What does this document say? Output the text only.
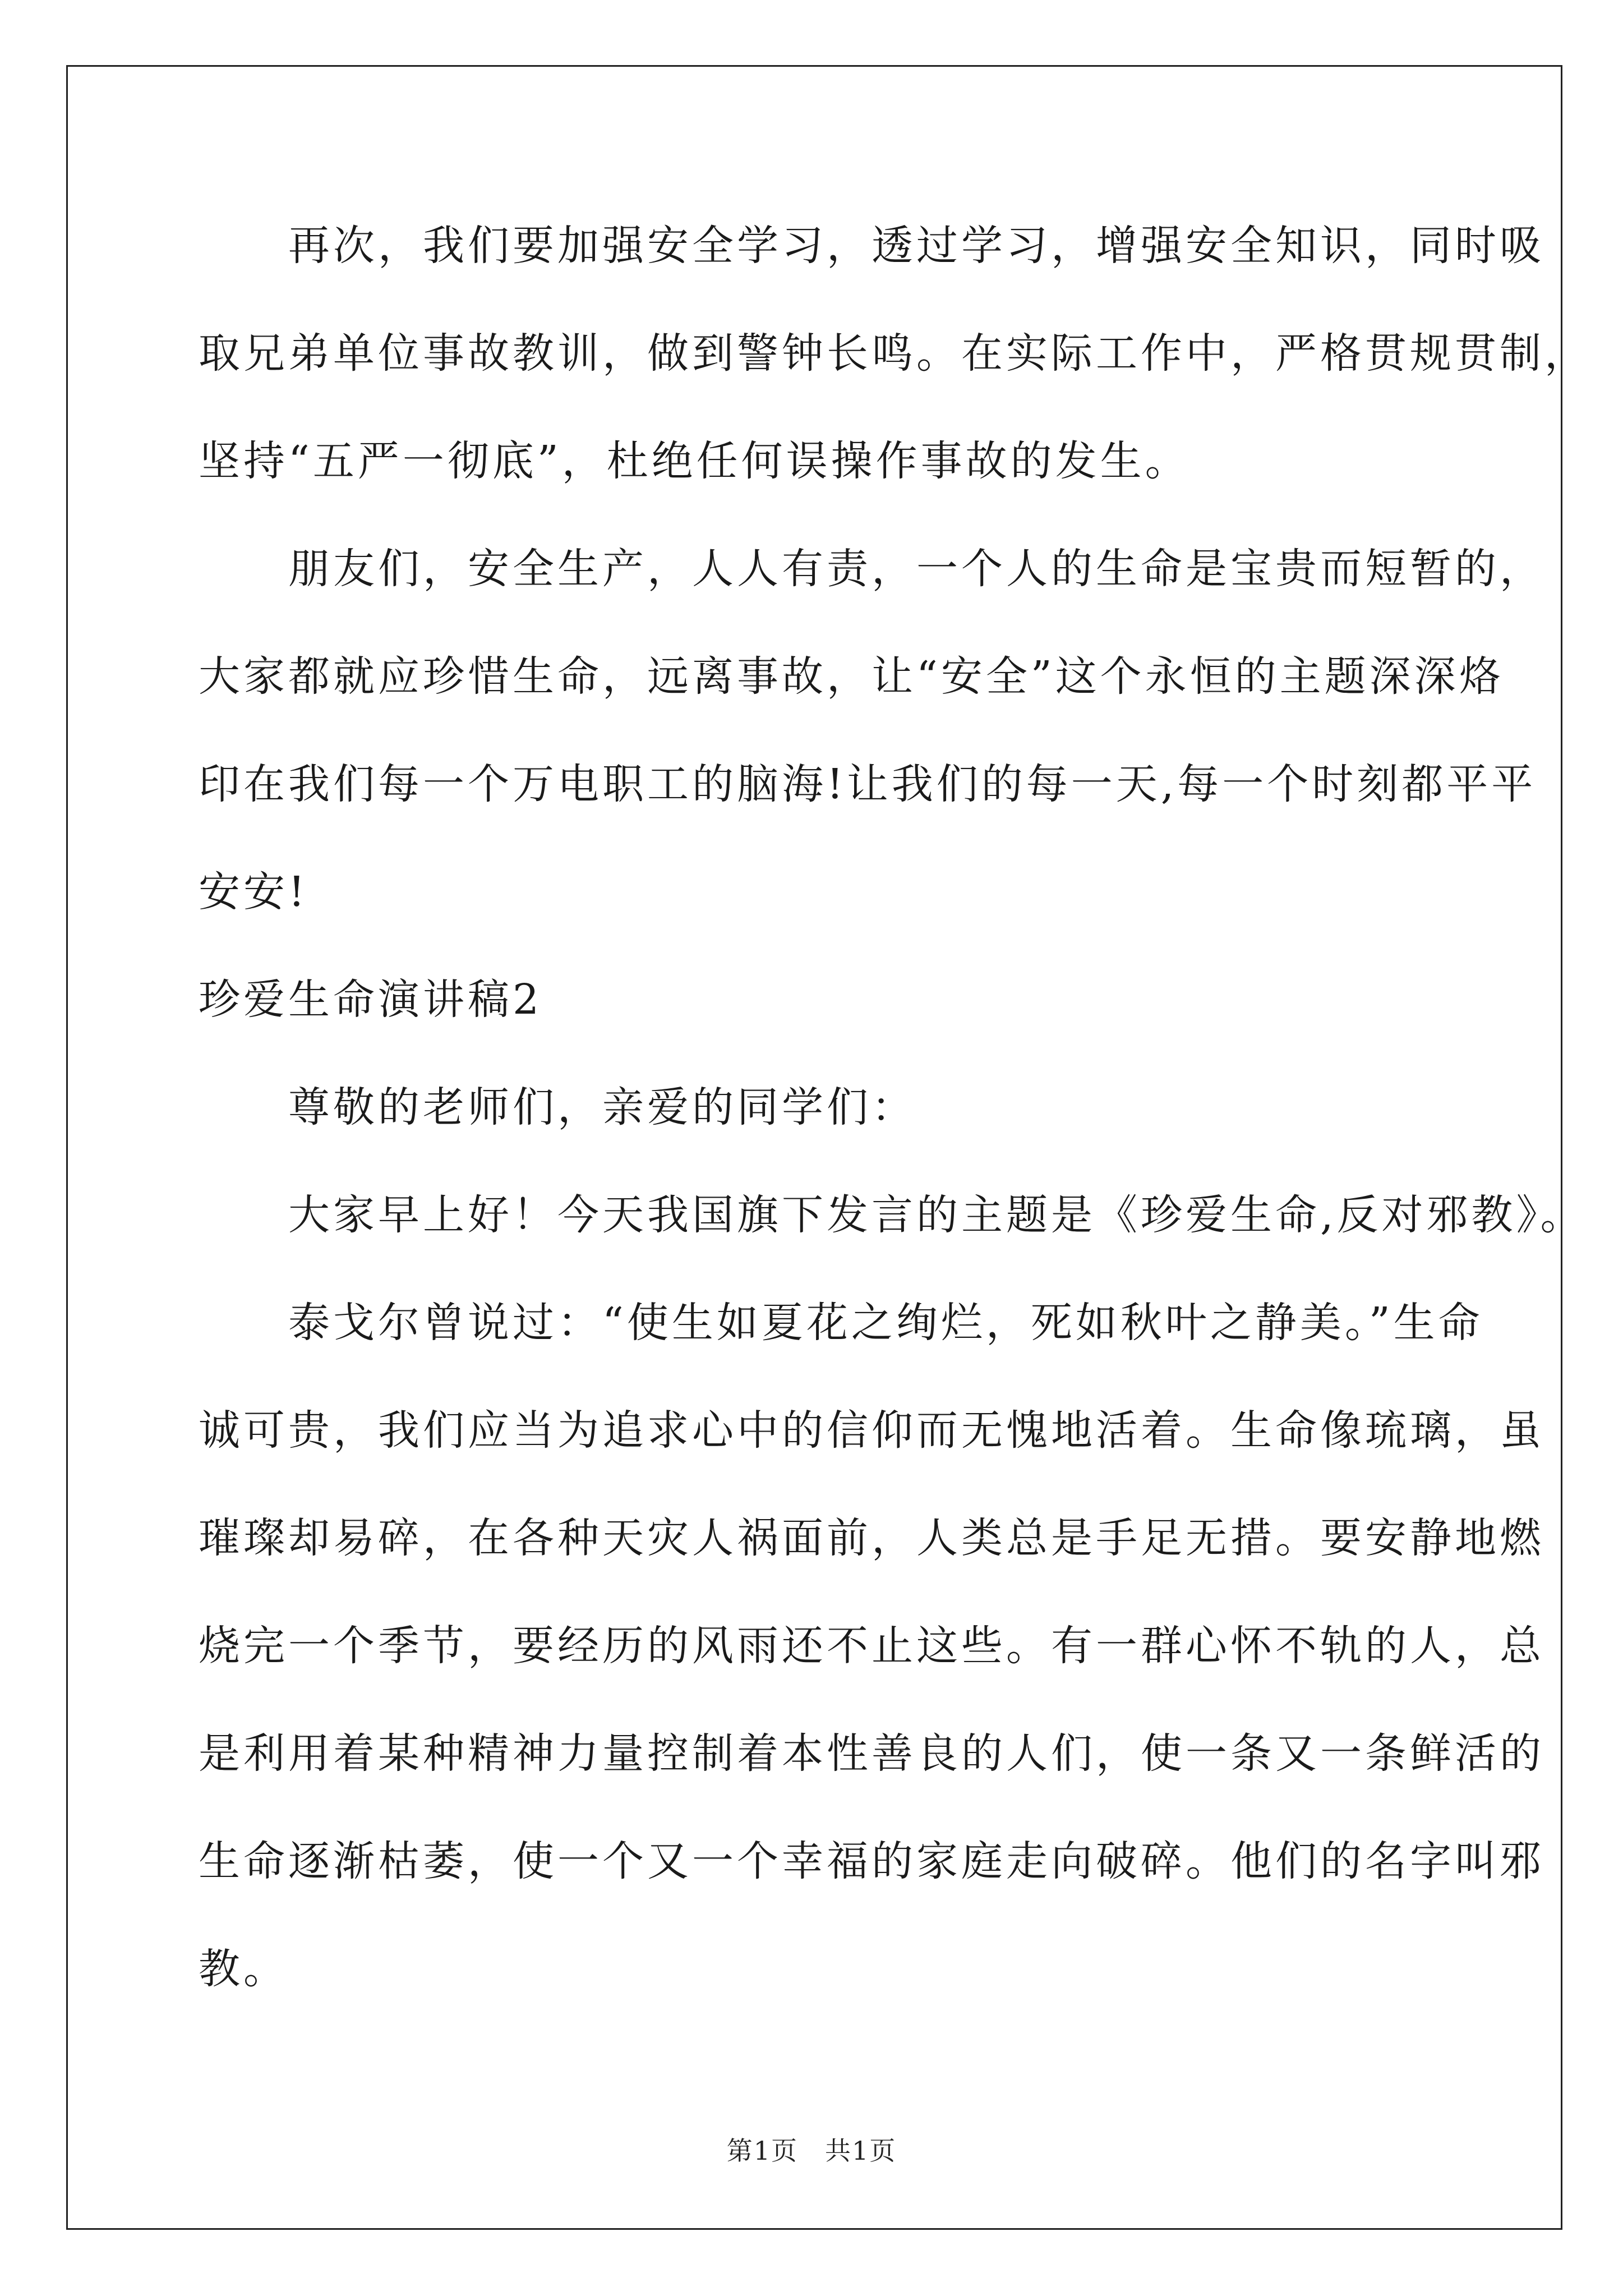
　　再次，我们要加强安全学习，透过学习，增强安全知识，同时吸
取兄弟单位事故教训，做到警钟长鸣。在实际工作中，严格贯规贯制，
坚持“五严一彻底”，杜绝任何误操作事故的发生。
　　朋友们，安全生产，人人有责，一个人的生命是宝贵而短暂的，
大家都就应珍惜生命，远离事故，让“安全”这个永恒的主题深深烙
印在我们每一个万电职工的脑海!让我们的每一天,每一个时刻都平平
安安!
珍爱生命演讲稿2
　　尊敬的老师们，亲爱的同学们：
　　大家早上好！今天我国旗下发言的主题是《珍爱生命,反对邪教》。
　　泰戈尔曾说过：“使生如夏花之绚烂，死如秋叶之静美。”生命
诚可贵，我们应当为追求心中的信仰而无愧地活着。生命像琉璃，虽
璀璨却易碎，在各种天灾人祸面前，人类总是手足无措。要安静地燃
烧完一个季节，要经历的风雨还不止这些。有一群心怀不轨的人，总
是利用着某种精神力量控制着本性善良的人们，使一条又一条鲜活的
生命逐渐枯萎，使一个又一个幸福的家庭走向破碎。他们的名字叫邪
教。
第1页　共1页
